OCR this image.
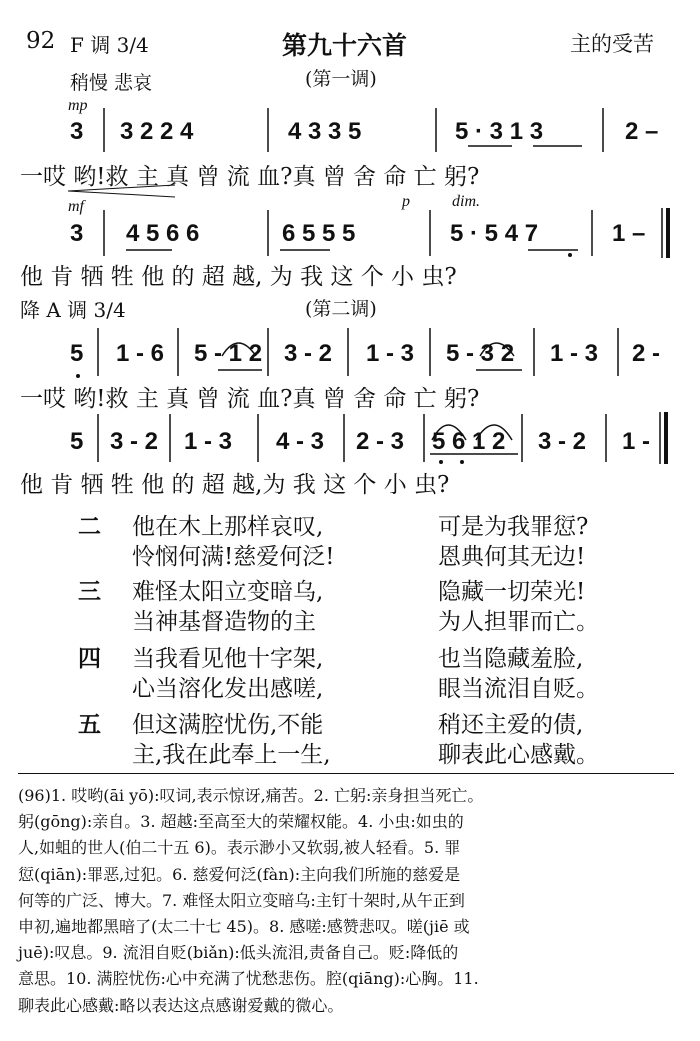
92 F 调 3/4	第九十六首	主的受苦
稍慢 悲哀	(第一调)
mp
3 3 2 2 4	4 3 3 5	5 · 3 1 3	2 –
一哎 哟!救 主 真 曾 流 血?真 曾 舍 命 亡 躬?
mf	p	dim.
3 4 5 6 6	6 5 5 5	5 · 5 4 7	1 –
他 肯 牺 牲 他 的 超 越, 为 我 这 个 小 虫?
降 A 调 3/4	(第二调)
5 1 - 6 5 - 1 2 3 - 2 1 - 3 5 - 3 2 1 - 3 2 -
一哎 哟!救 主 真 曾 流 血?真 曾 舍 命 亡 躬?
5 3 - 2 1 - 3 4 - 3 2 - 3 5 6 1 2 3 - 2 1 -
他 肯 牺 牲 他 的 超 越,为 我 这 个 小 虫?
二 他在木上那样哀叹,	可是为我罪愆?
怜悯何满!慈爱何泛!	恩典何其无边!
三 难怪太阳立变暗乌,	隐藏一切荣光!
当神基督造物的主	为人担罪而亡。
四 当我看见他十字架,	也当隐藏羞脸,
心当溶化发出感嗟,	眼当流泪自贬。
五 但这满腔忧伤,不能	稍还主爱的债,
主,我在此奉上一生,	聊表此心感戴。
(96)1. 哎哟(āi yō):叹词,表示惊讶,痛苦。2. 亡躬:亲身担当死亡。
躬(gōng):亲自。3. 超越:至高至大的荣耀权能。4. 小虫:如虫的
人,如蛆的世人(伯二十五 6)。表示渺小又软弱,被人轻看。5. 罪
愆(qiān):罪恶,过犯。6. 慈爱何泛(fàn):主向我们所施的慈爱是
何等的广泛、博大。7. 难怪太阳立变暗乌:主钉十架时,从午正到
申初,遍地都黑暗了(太二十七 45)。8. 感嗟:感赞悲叹。嗟(jiē 或
juē):叹息。9. 流泪自贬(biǎn):低头流泪,责备自己。贬:降低的
意思。10. 满腔忧伤:心中充满了忧愁悲伤。腔(qiāng):心胸。11.
聊表此心感戴:略以表达这点感谢爱戴的微心。
